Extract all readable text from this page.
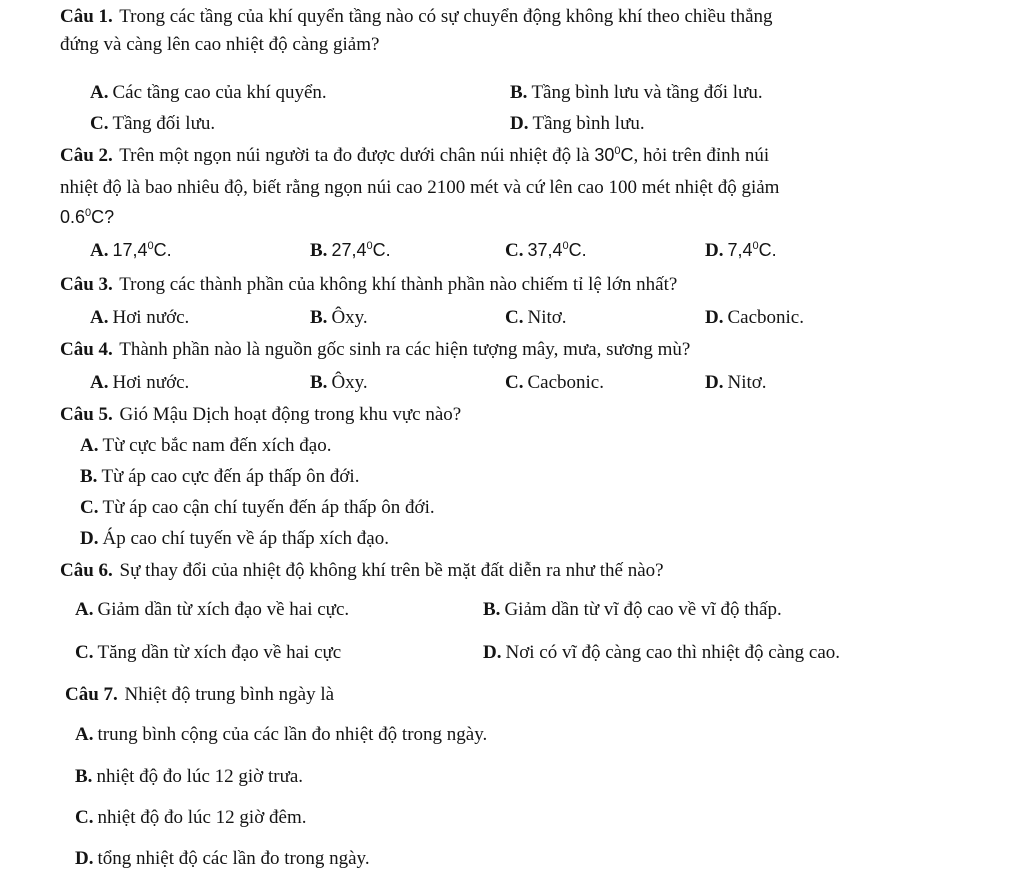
Câu 1. Trong các tầng của khí quyển tầng nào có sự chuyển động không khí theo chiều thẳng
đứng và càng lên cao nhiệt độ càng giảm?
A. Các tầng cao của khí quyển.	B. Tầng bình lưu và tầng đối lưu.
C. Tầng đối lưu.	D. Tầng bình lưu.
Câu 2. Trên một ngọn núi người ta đo được dưới chân núi nhiệt độ là $30^0C$, hỏi trên đỉnh núi
nhiệt độ là bao nhiêu độ, biết rằng ngọn núi cao 2100 mét và cứ lên cao 100 mét nhiệt độ giảm
$0.6^0C$?
A. 17,4$^0$C.	B. 27,4$^0$C.	C. 37,4$^0$C.	D. $7,4^0C$.
Câu 3. Trong các thành phần của không khí thành phần nào chiếm tỉ lệ lớn nhất?
A. Hơi nước.	B. Ôxy.	C. Nitơ.	D. Cacbonic.
Câu 4. Thành phần nào là nguồn gốc sinh ra các hiện tượng mây, mưa, sương mù?
A. Hơi nước.	B. Ôxy.	C. Cacbonic.	D. Nitơ.
Câu 5. Gió Mậu Dịch hoạt động trong khu vực nào?
A. Từ cực bắc nam đến xích đạo.
B. Từ áp cao cực đến áp thấp ôn đới.
C. Từ áp cao cận chí tuyến đến áp thấp ôn đới.
D. Áp cao chí tuyến về áp thấp xích đạo.
Câu 6. Sự thay đổi của nhiệt độ không khí trên bề mặt đất diễn ra như thế nào?
A. Giảm dần từ xích đạo về hai cực.	B. Giảm dần từ vĩ độ cao về vĩ độ thấp.
C. Tăng dần từ xích đạo về hai cực	D. Nơi có vĩ độ càng cao thì nhiệt độ càng cao.
Câu 7. Nhiệt độ trung bình ngày là
A. trung bình cộng của các lần đo nhiệt độ trong ngày.
B. nhiệt độ đo lúc 12 giờ trưa.
C. nhiệt độ đo lúc 12 giờ đêm.
D. tổng nhiệt độ các lần đo trong ngày.
